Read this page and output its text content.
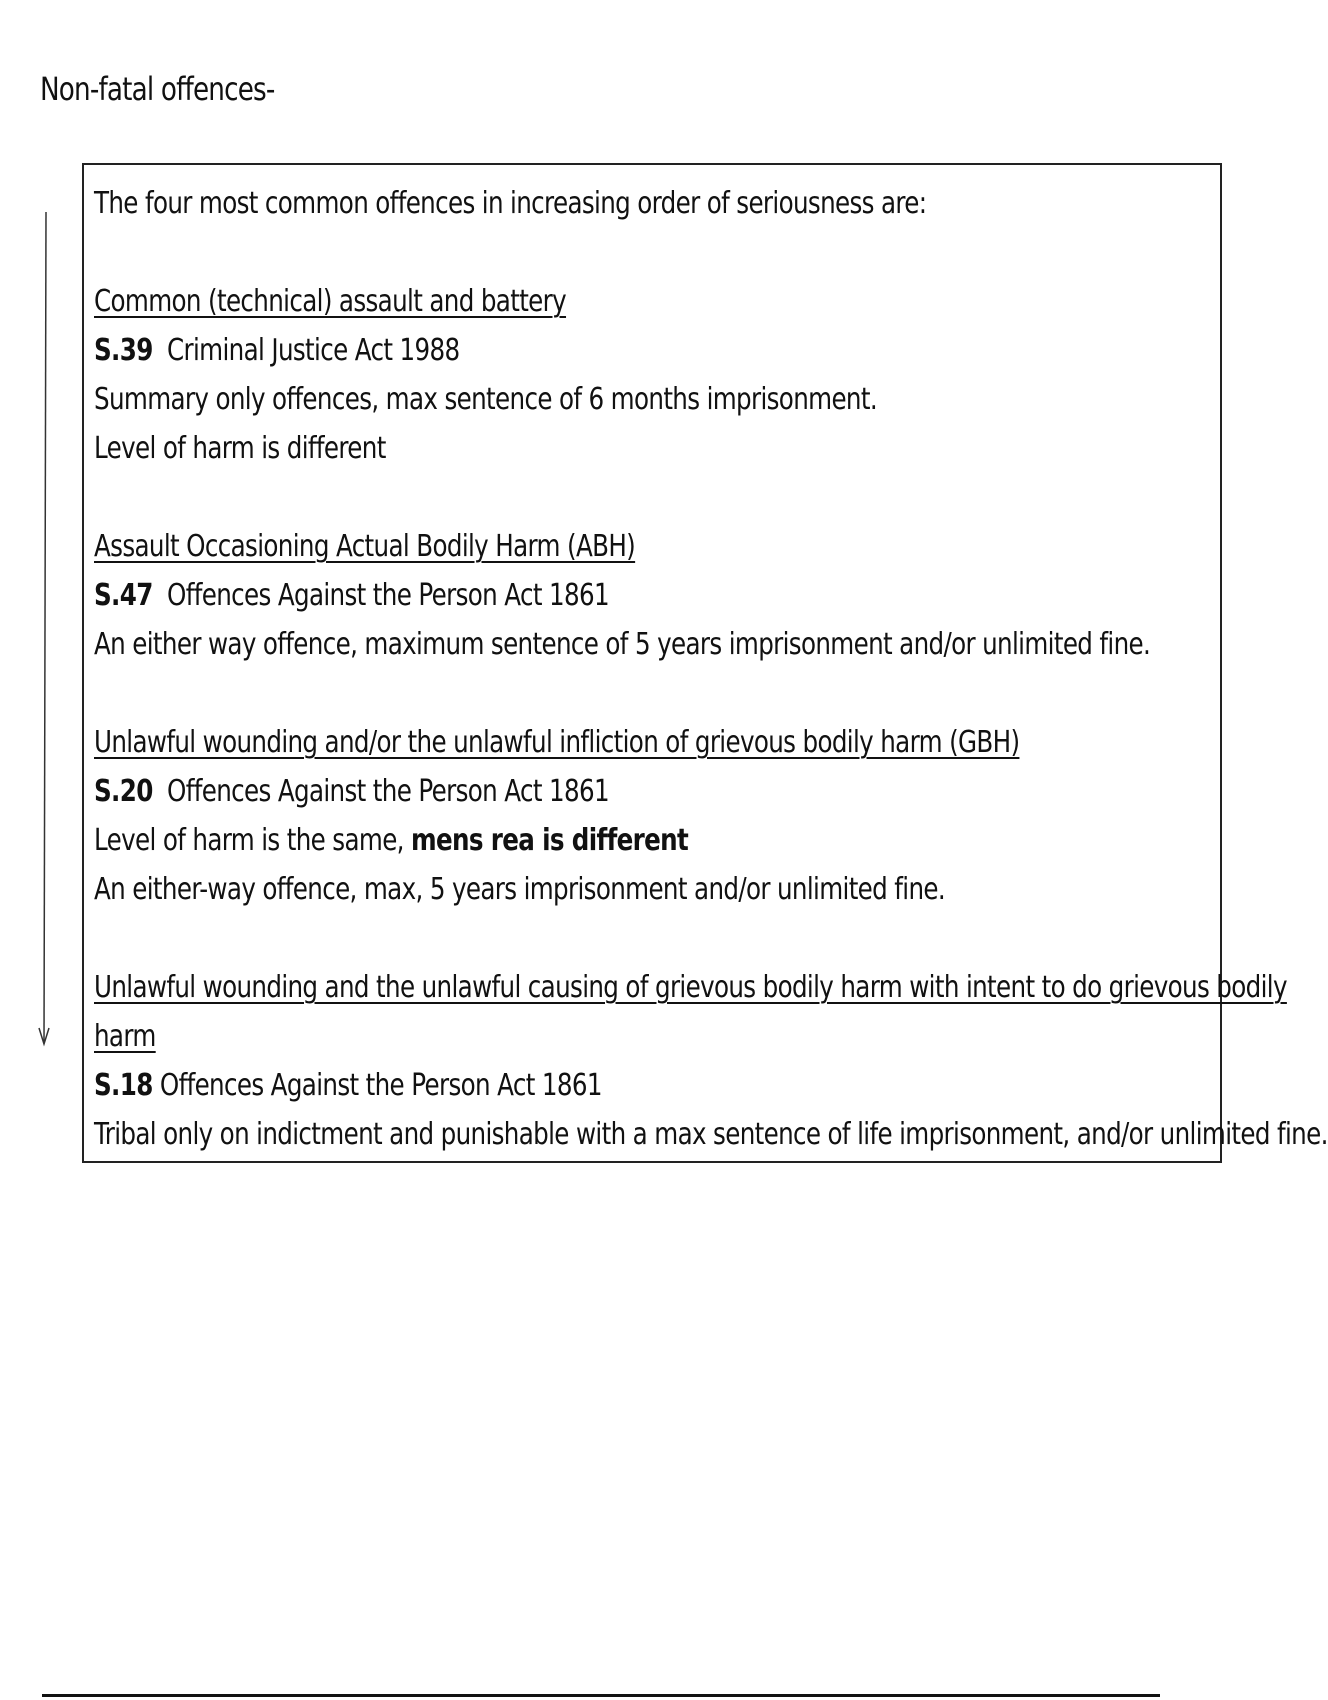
Non-fatal offences-
The four most common offences in increasing order of seriousness are:
Common (technical) assault and battery
S.39 Criminal Justice Act 1988
Summary only offences, max sentence of 6 months imprisonment.
Level of harm is different
Assault Occasioning Actual Bodily Harm (ABH)
S.47 Offences Against the Person Act 1861
An either way offence, maximum sentence of 5 years imprisonment and/or unlimited fine.
Unlawful wounding and/or the unlawful infliction of grievous bodily harm (GBH)
S.20 Offences Against the Person Act 1861
Level of harm is the same, mens rea is different
An either-way offence, max, 5 years imprisonment and/or unlimited fine.
Unlawful wounding and the unlawful causing of grievous bodily harm with intent to do grievous bodily
harm
S.18 Offences Against the Person Act 1861
Tribal only on indictment and punishable with a max sentence of life imprisonment, and/or unlimited fine.
